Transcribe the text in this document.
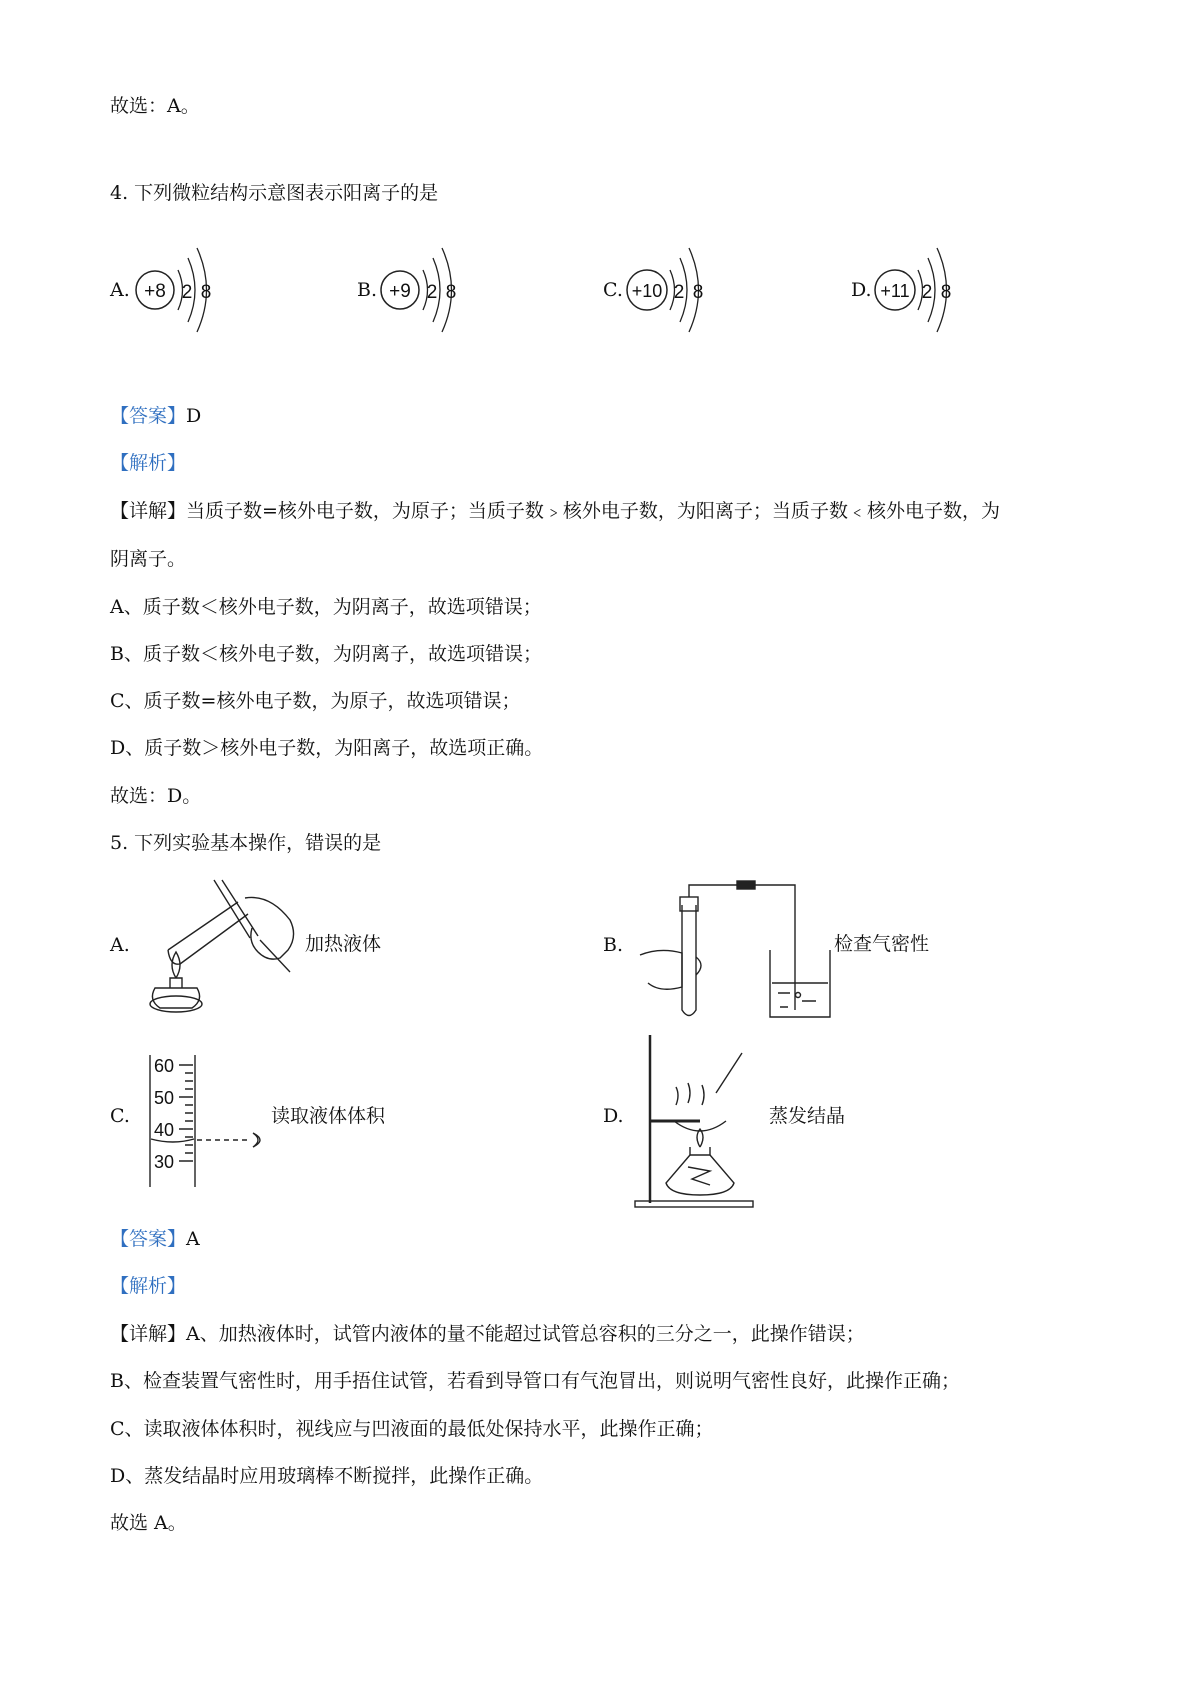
故选：A。
4. 下列微粒结构示意图表示阳离子的是
A. +8 2 8	B. +9 2 8	C. +10 2 8	D. +11 2 8
【答案】D
【解析】
【详解】当质子数=核外电子数，为原子；当质子数﹥核外电子数，为阳离子；当质子数﹤核外电子数，为
阴离子。
A、质子数＜核外电子数，为阴离子，故选项错误；
B、质子数＜核外电子数，为阴离子，故选项错误；
C、质子数=核外电子数，为原子，故选项错误；
D、质子数＞核外电子数，为阳离子，故选项正确。
故选：D。
5. 下列实验基本操作，错误的是
A.	加热液体	B.	检查气密性
C.
60
50
40
30
读取液体体积	D.	蒸发结晶
【答案】A
【解析】
【详解】A、加热液体时，试管内液体的量不能超过试管总容积的三分之一，此操作错误；
B、检查装置气密性时，用手捂住试管，若看到导管口有气泡冒出，则说明气密性良好，此操作正确；
C、读取液体体积时，视线应与凹液面的最低处保持水平，此操作正确；
D、蒸发结晶时应用玻璃棒不断搅拌，此操作正确。
故选 A。
